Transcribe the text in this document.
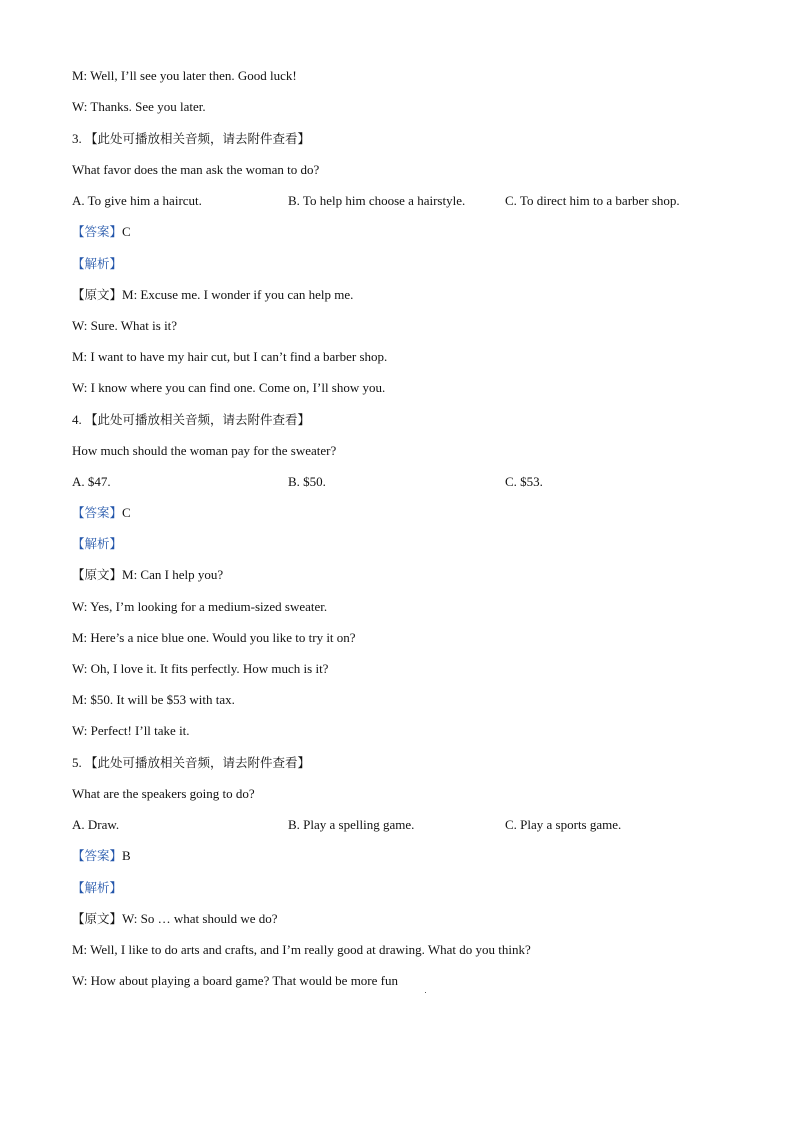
M: Well, I’ll see you later then. Good luck!
W: Thanks. See you later.
3. 【此处可播放相关音频，请去附件查看】
What favor does the man ask the woman to do?
A. To give him a haircut.	B. To help him choose a hairstyle.	C. To direct him to a barber shop.
【答案】C
【解析】
【原文】M: Excuse me. I wonder if you can help me.
W: Sure. What is it?
M: I want to have my hair cut, but I can’t find a barber shop.
W: I know where you can find one. Come on, I’ll show you.
4. 【此处可播放相关音频，请去附件查看】
How much should the woman pay for the sweater?
A. $47.	B. $50.	C. $53.
【答案】C
【解析】
【原文】M: Can I help you?
W: Yes, I’m looking for a medium-sized sweater.
M: Here’s a nice blue one. Would you like to try it on?
W: Oh, I love it. It fits perfectly. How much is it?
M: $50. It will be $53 with tax.
W: Perfect! I’ll take it.
5. 【此处可播放相关音频，请去附件查看】
What are the speakers going to do?
A. Draw.	B. Play a spelling game.	C. Play a sports game.
【答案】B
【解析】
【原文】W: So … what should we do?
M: Well, I like to do arts and crafts, and I’m really good at drawing. What do you think?
W: How about playing a board game? That would be more fun
